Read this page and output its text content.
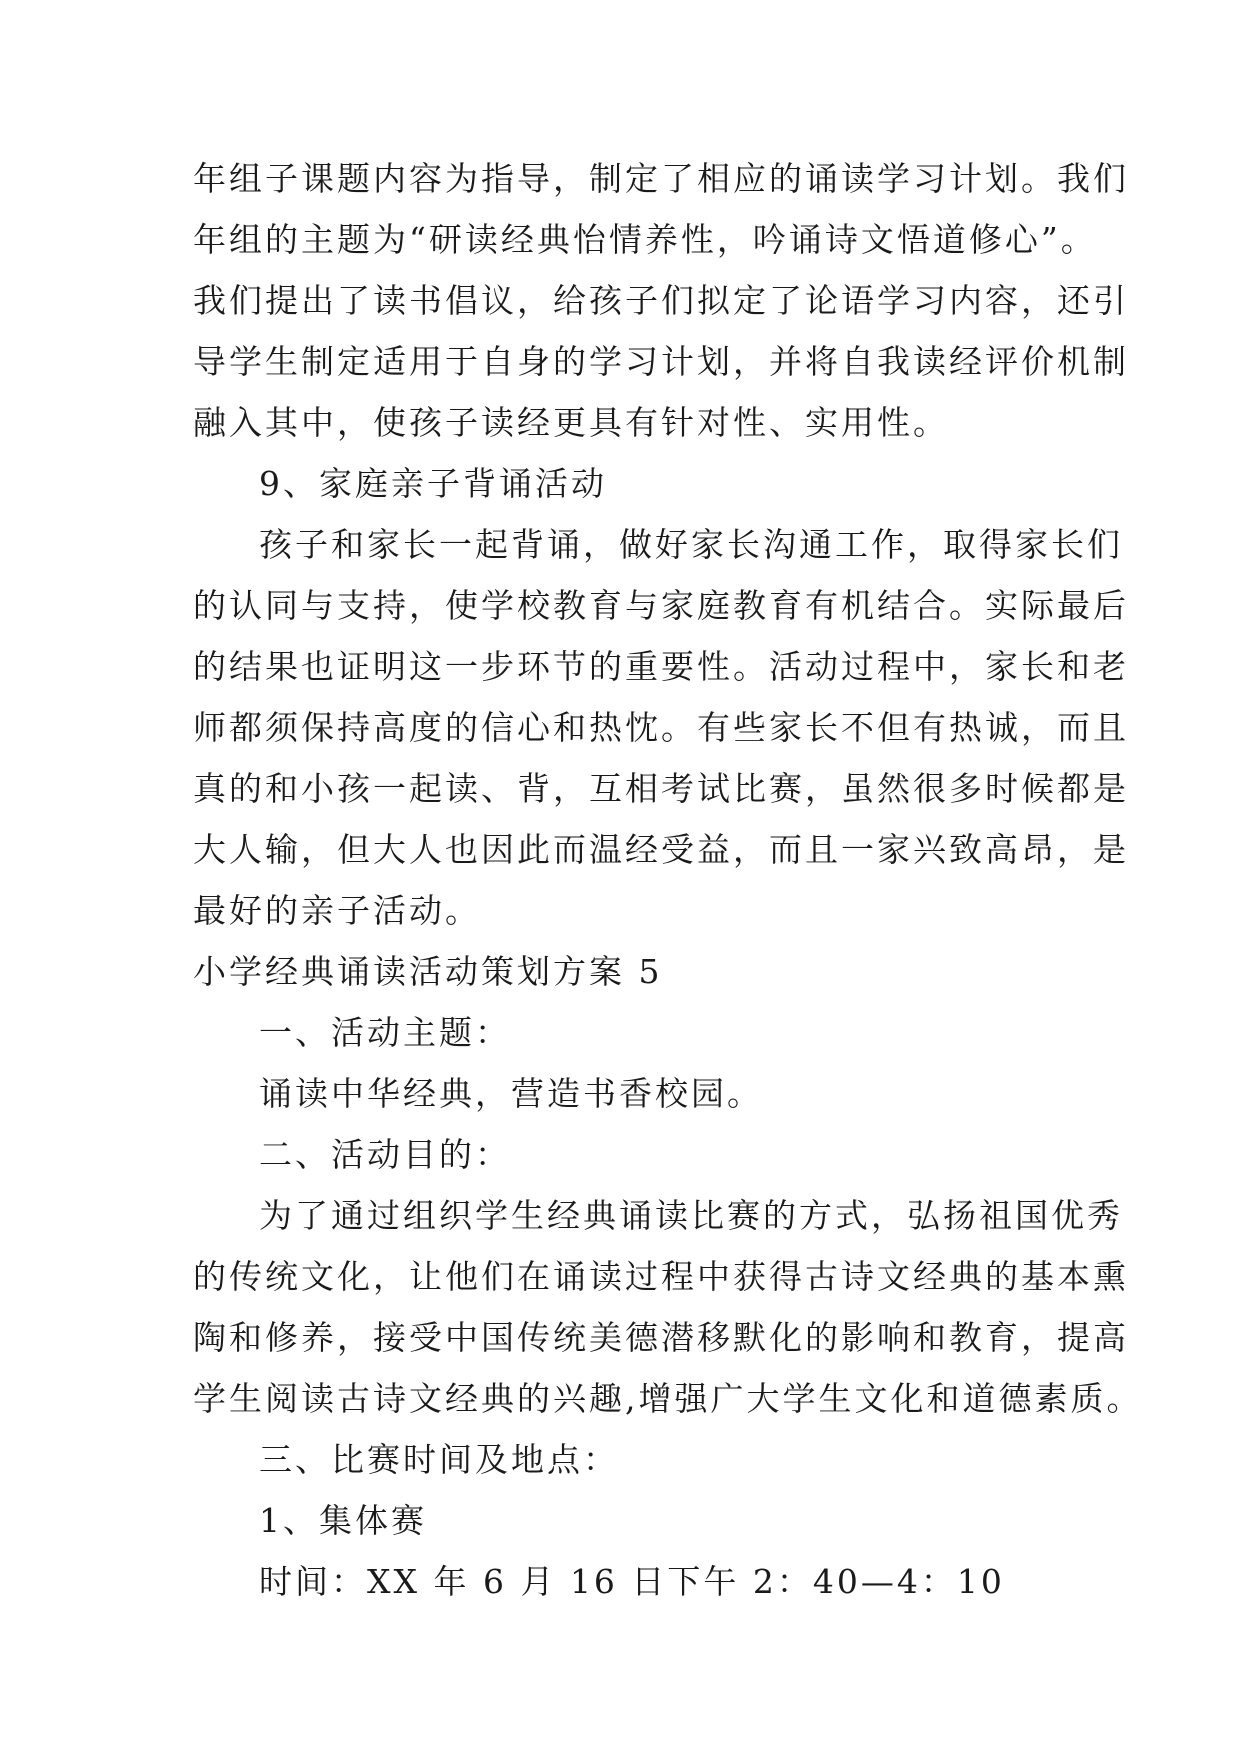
年组子课题内容为指导，制定了相应的诵读学习计划。我们
年组的主题为“研读经典怡情养性，吟诵诗文悟道修心”。
我们提出了读书倡议，给孩子们拟定了论语学习内容，还引
导学生制定适用于自身的学习计划，并将自我读经评价机制
融入其中，使孩子读经更具有针对性、实用性。
9、家庭亲子背诵活动
孩子和家长一起背诵，做好家长沟通工作，取得家长们
的认同与支持，使学校教育与家庭教育有机结合。实际最后
的结果也证明这一步环节的重要性。活动过程中，家长和老
师都须保持高度的信心和热忱。有些家长不但有热诚，而且
真的和小孩一起读、背，互相考试比赛，虽然很多时候都是
大人输，但大人也因此而温经受益，而且一家兴致高昂，是
最好的亲子活动。
小学经典诵读活动策划方案 5
一、活动主题：
诵读中华经典，营造书香校园。
二、活动目的：
为了通过组织学生经典诵读比赛的方式，弘扬祖国优秀
的传统文化，让他们在诵读过程中获得古诗文经典的基本熏
陶和修养，接受中国传统美德潜移默化的影响和教育，提高
学生阅读古诗文经典的兴趣,增强广大学生文化和道德素质。
三、比赛时间及地点：
1、集体赛
时间：XX 年 6 月 16 日下午 2：40—4：10
